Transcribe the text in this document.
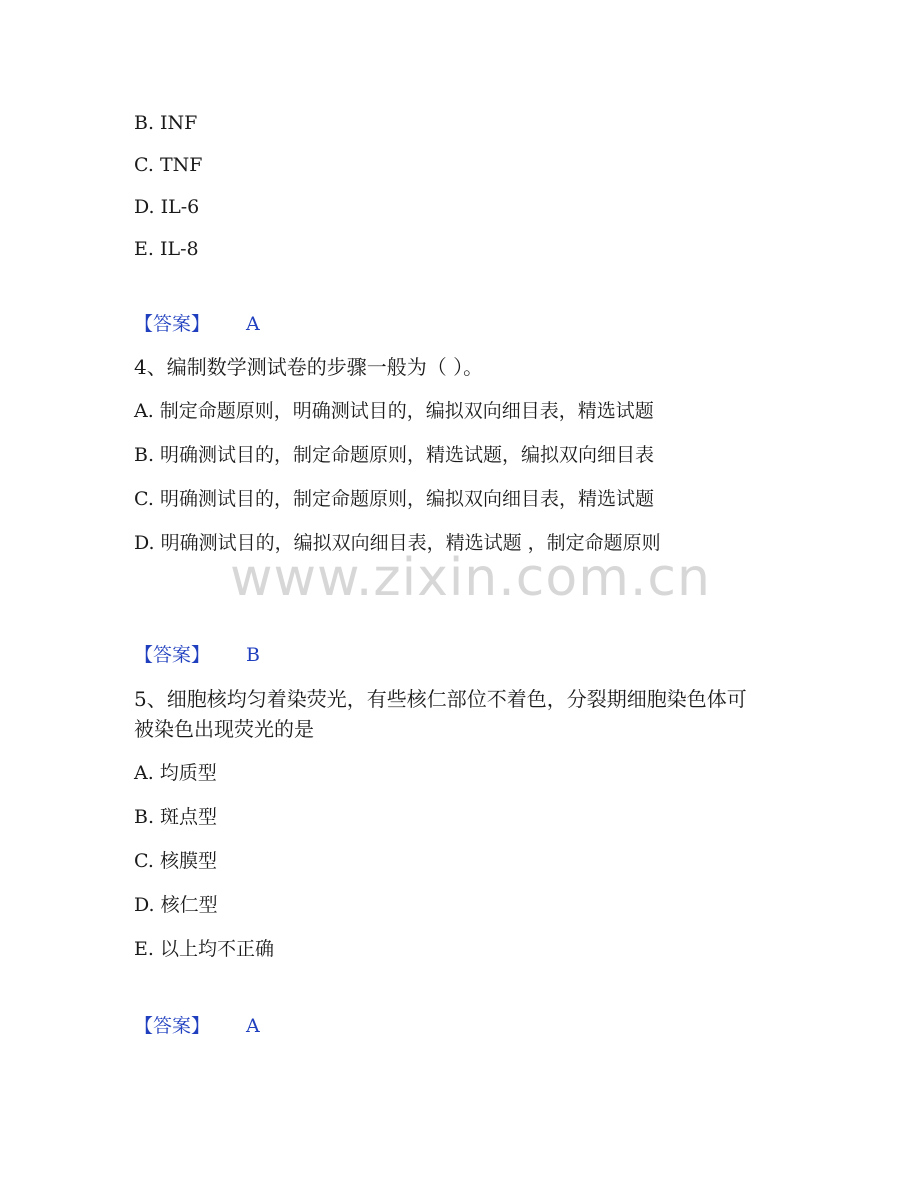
B. INF
C. TNF
D. IL-6
E. IL-8
【答案】 A
4、编制数学测试卷的步骤一般为（ ）。
A. 制定命题原则，明确测试目的，编拟双向细目表，精选试题
B. 明确测试目的，制定命题原则，精选试题，编拟双向细目表
C. 明确测试目的，制定命题原则，编拟双向细目表，精选试题
D. 明确测试目的，编拟双向细目表，精选试题 ，制定命题原则
www.zixin.com.cn
【答案】 B
5、细胞核均匀着染荧光，有些核仁部位不着色，分裂期细胞染色体可
被染色出现荧光的是
A. 均质型
B. 斑点型
C. 核膜型
D. 核仁型
E. 以上均不正确
【答案】 A
